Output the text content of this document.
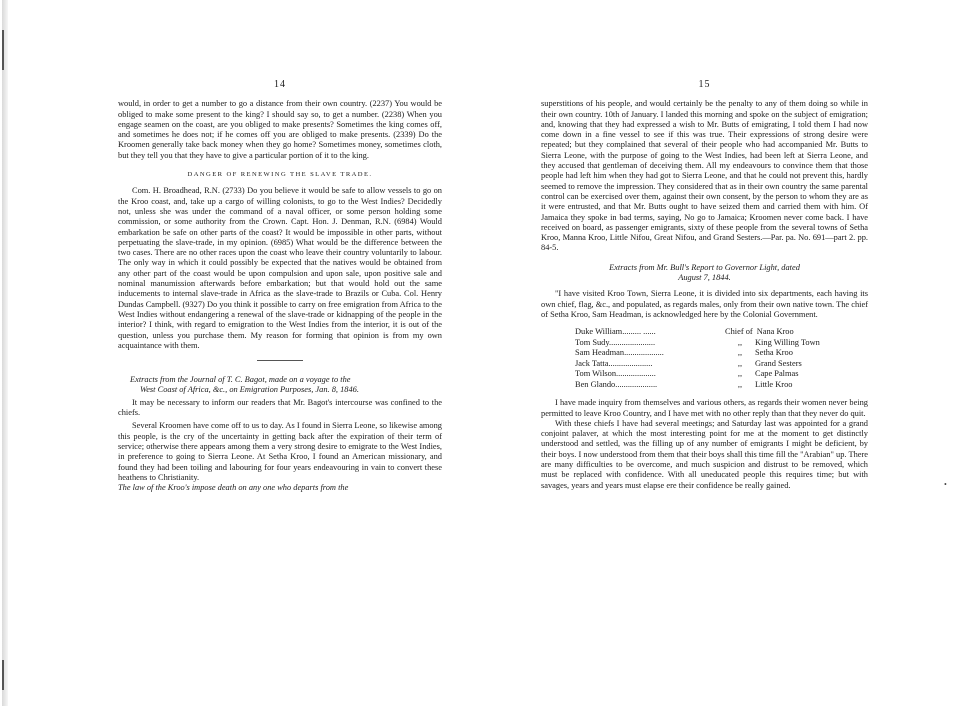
14

would, in order to get a number to go a distance from their own country. (2237) You would be obliged to make some present to the king? I should say so, to get a number. (2238) When you engage seamen on the coast, are you obliged to make presents? Sometimes the king comes off, and sometimes he does not; if he comes off you are obliged to make presents. (2339) Do the Kroomen generally take back money when they go home? Sometimes money, sometimes cloth, but they tell you that they have to give a particular portion of it to the king.

DANGER OF RENEWING THE SLAVE TRADE.

Com. H. Broadhead, R.N. (2733) Do you believe it would be safe to allow vessels to go on the Kroo coast, and, take up a cargo of willing colonists, to go to the West Indies? Decidedly not, unless she was under the command of a naval officer, or some person holding some commission, or some authority from the Crown. Capt. Hon. J. Denman, R.N. (6984) Would embarkation be safe on other parts of the coast? It would be impossible in other parts, without perpetuating the slave-trade, in my opinion. (6985) What would be the difference between the two cases. There are no other races upon the coast who leave their country voluntarily to labour. The only way in which it could possibly be expected that the natives would be obtained from any other part of the coast would be upon compulsion and upon sale, upon positive sale and nominal manumission afterwards before embarkation; but that would hold out the same inducements to internal slave-trade in Africa as the slave-trade to Brazils or Cuba. Col. Henry Dundas Campbell. (9327) Do you think it possible to carry on free emigration from Africa to the West Indies without endangering a renewal of the slave-trade or kidnapping of the people in the interior? I think, with regard to emigration to the West Indies from the interior, it is out of the question, unless you purchase them. My reason for forming that opinion is from my own acquaintance with them.

Extracts from the Journal of T. C. Bagot, made on a voyage to the
West Coast of Africa, &c., on Emigration Purposes, Jan. 8, 1846.

It may be necessary to inform our readers that Mr. Bagot's intercourse was confined to the chiefs.

Several Kroomen have come off to us to day. As I found in Sierra Leone, so likewise among this people, is the cry of the uncertainty in getting back after the expiration of their term of service; otherwise there appears among them a very strong desire to emigrate to the West Indies, in preference to going to Sierra Leone. At Setha Kroo, I found an American missionary, and found they had been toiling and labouring for four years endeavouring in vain to convert these heathens to Christianity.

The law of the Kroo's impose death on any one who departs from the

15

superstitions of his people, and would certainly be the penalty to any of them doing so while in their own country. 10th of January. I landed this morning and spoke on the subject of emigration; and, knowing that they had expressed a wish to Mr. Butts of emigrating, I told them I had now come down in a fine vessel to see if this was true. Their expressions of strong desire were repeated; but they complained that several of their people who had accompanied Mr. Butts to Sierra Leone, with the purpose of going to the West Indies, had been left at Sierra Leone, and they accused that gentleman of deceiving them. All my endeavours to convince them that those people had left him when they had got to Sierra Leone, and that he could not prevent this, hardly seemed to remove the impression. They considered that as in their own country the same parental control can be exercised over them, against their own consent, by the person to whom they are as it were entrusted, and that Mr. Butts ought to have seized them and carried them with him. Of Jamaica they spoke in bad terms, saying, No go to Jamaica; Kroomen never come back. I have received on board, as passenger emigrants, sixty of these people from the several towns of Setha Kroo, Manna Kroo, Little Nifou, Great Nifou, and Grand Sesters.—Par. pa. No. 691—part 2. pp. 84-5.

Extracts from Mr. Bull's Report to Governor Light, dated
August 7, 1844.

"I have visited Kroo Town, Sierra Leone, it is divided into six departments, each having its own chief, flag, &c., and populated, as regards males, only from their own native town. The chief of Setha Kroo, Sam Headman, is acknowledged here by the Colonial Government.

Duke William......... ......	Chief of Nana Kroo
Tom Sudy......................	,,	King Willing Town
Sam Headman...................	,,	Setha Kroo
Jack Tatta.....................	,,	Grand Sesters
Tom Wilson...................	,,	Cape Palmas
Ben Glando....................	,,	Little Kroo

I have made inquiry from themselves and various others, as regards their women never being permitted to leave Kroo Country, and I have met with no other reply than that they never do quit.

With these chiefs I have had several meetings; and Saturday last was appointed for a grand conjoint palaver, at which the most interesting point for me at the moment to get distinctly understood and settled, was the filling up of any number of emigrants I might be deficient, by their boys. I now understood from them that their boys shall this time fill the "Arabian" up. There are many difficulties to be overcome, and much suspicion and distrust to be removed, which must be replaced with confidence. With all uneducated people this requires time; but with savages, years and years must elapse ere their confidence be really gained.	•
